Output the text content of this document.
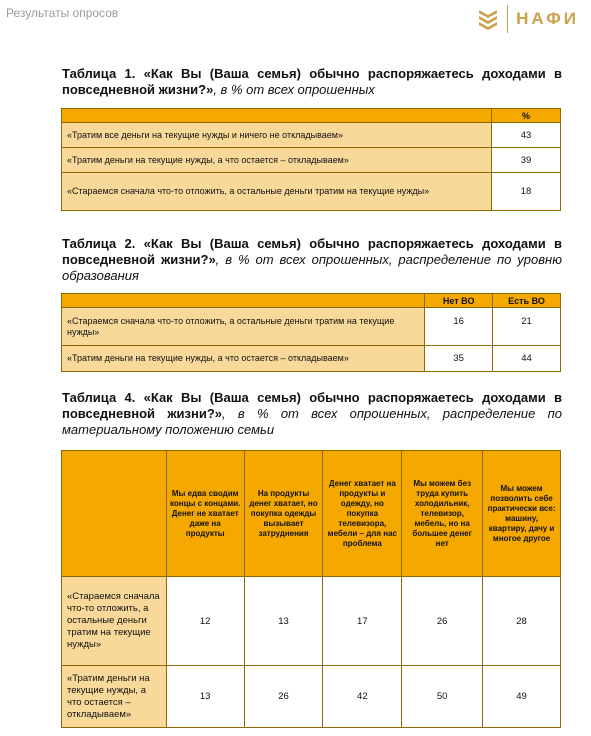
Результаты опросов	НАФИ
Таблица 1. «Как Вы (Ваша семья) обычно распоряжаетесь доходами в повседневной жизни?», в % от всех опрошенных
	%
«Тратим все деньги на текущие нужды и ничего не откладываем»	43
«Тратим деньги на текущие нужды, а что остается – откладываем»	39
«Стараемся сначала что-то отложить, а остальные деньги тратим на текущие нужды»	18
Таблица 2. «Как Вы (Ваша семья) обычно распоряжаетесь доходами в повседневной жизни?», в % от всех опрошенных, распределение по уровню образования
	Нет ВО	Есть ВО
«Стараемся сначала что-то отложить, а остальные деньги тратим на текущие нужды»	16	21
«Тратим деньги на текущие нужды, а что остается – откладываем»	35	44
Таблица 4. «Как Вы (Ваша семья) обычно распоряжаетесь доходами в повседневной жизни?», в % от всех опрошенных, распределение по материальному положению семьи
	Мы едва сводим концы с концами. Денег не хватает даже на продукты	На продукты денег хватает, но покупка одежды вызывает затруднения	Денег хватает на продукты и одежду, но покупка телевизора, мебели – для нас проблема	Мы можем без труда купить холодильник, телевизор, мебель, но на большее денег нет	Мы можем позволить себе практически все: машину, квартиру, дачу и многое другое
«Стараемся сначала что-то отложить, а остальные деньги тратим на текущие нужды»	12	13	17	26	28
«Тратим деньги на текущие нужды, а что остается – откладываем»	13	26	42	50	49
